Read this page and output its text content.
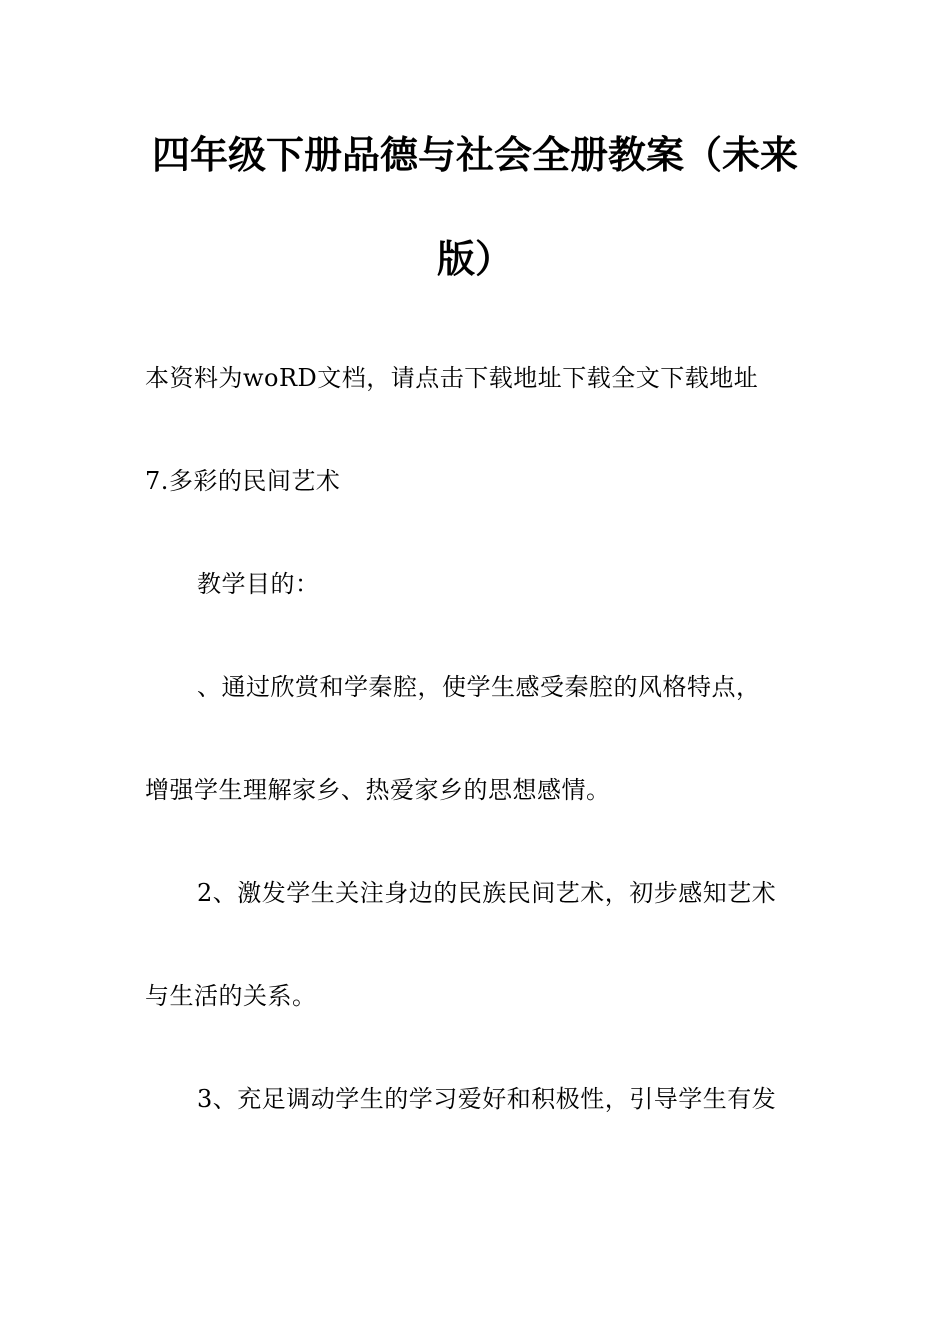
四年级下册品德与社会全册教案（未来
版）
本资料为woRD文档，请点击下载地址下载全文下载地址
7.多彩的民间艺术
教学目的：
、通过欣赏和学秦腔，使学生感受秦腔的风格特点，
增强学生理解家乡、热爱家乡的思想感情。
2、激发学生关注身边的民族民间艺术，初步感知艺术
与生活的关系。
3、充足调动学生的学习爱好和积极性，引导学生有发
